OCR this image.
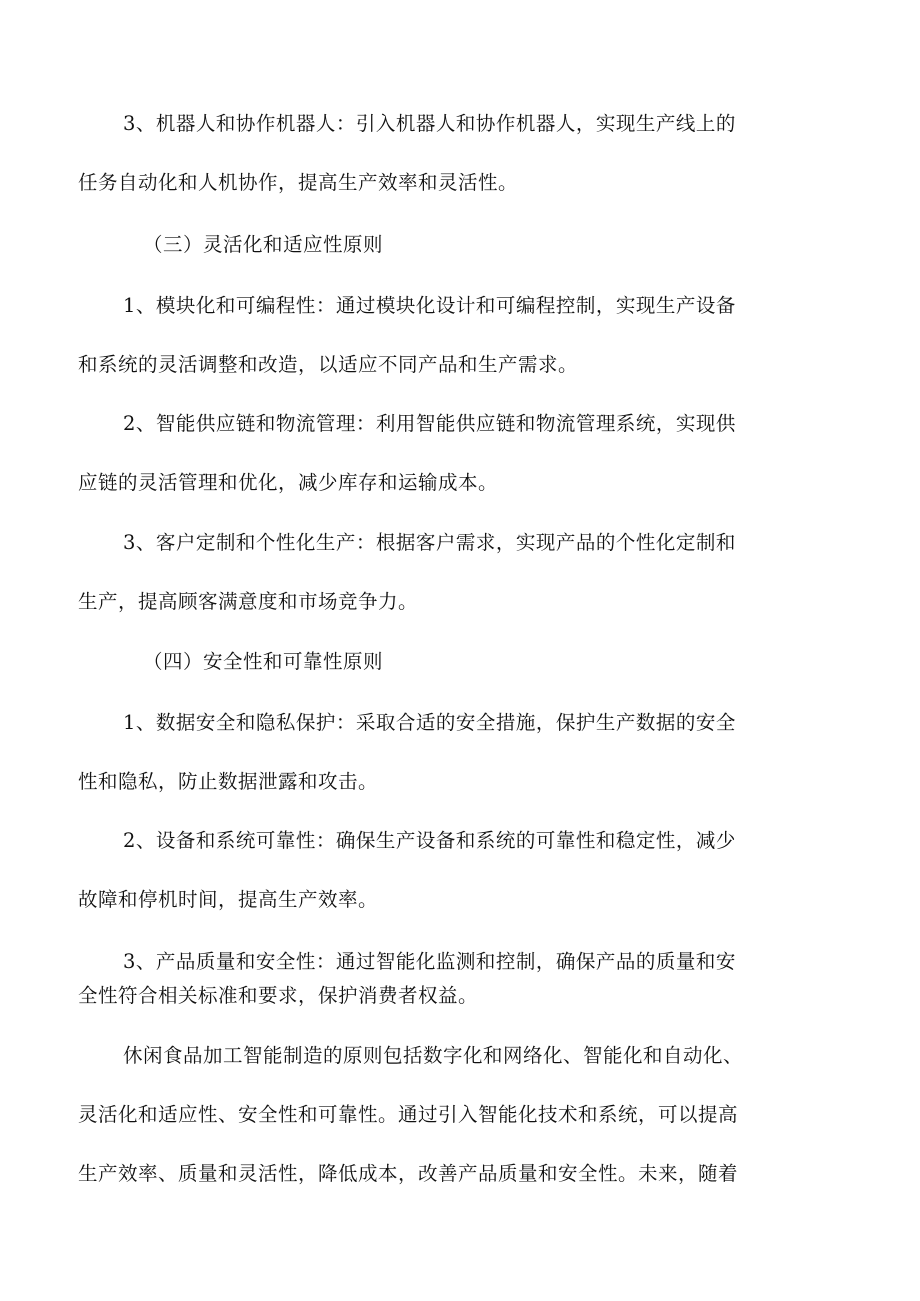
3、机器人和协作机器人：引入机器人和协作机器人，实现生产线上的
任务自动化和人机协作，提高生产效率和灵活性。
（三）灵活化和适应性原则
1、模块化和可编程性：通过模块化设计和可编程控制，实现生产设备
和系统的灵活调整和改造，以适应不同产品和生产需求。
2、智能供应链和物流管理：利用智能供应链和物流管理系统，实现供
应链的灵活管理和优化，减少库存和运输成本。
3、客户定制和个性化生产：根据客户需求，实现产品的个性化定制和
生产，提高顾客满意度和市场竞争力。
（四）安全性和可靠性原则
1、数据安全和隐私保护：采取合适的安全措施，保护生产数据的安全
性和隐私，防止数据泄露和攻击。
2、设备和系统可靠性：确保生产设备和系统的可靠性和稳定性，减少
故障和停机时间，提高生产效率。
3、产品质量和安全性：通过智能化监测和控制，确保产品的质量和安
全性符合相关标准和要求，保护消费者权益。
休闲食品加工智能制造的原则包括数字化和网络化、智能化和自动化、
灵活化和适应性、安全性和可靠性。通过引入智能化技术和系统，可以提高
生产效率、质量和灵活性，降低成本，改善产品质量和安全性。未来，随着
